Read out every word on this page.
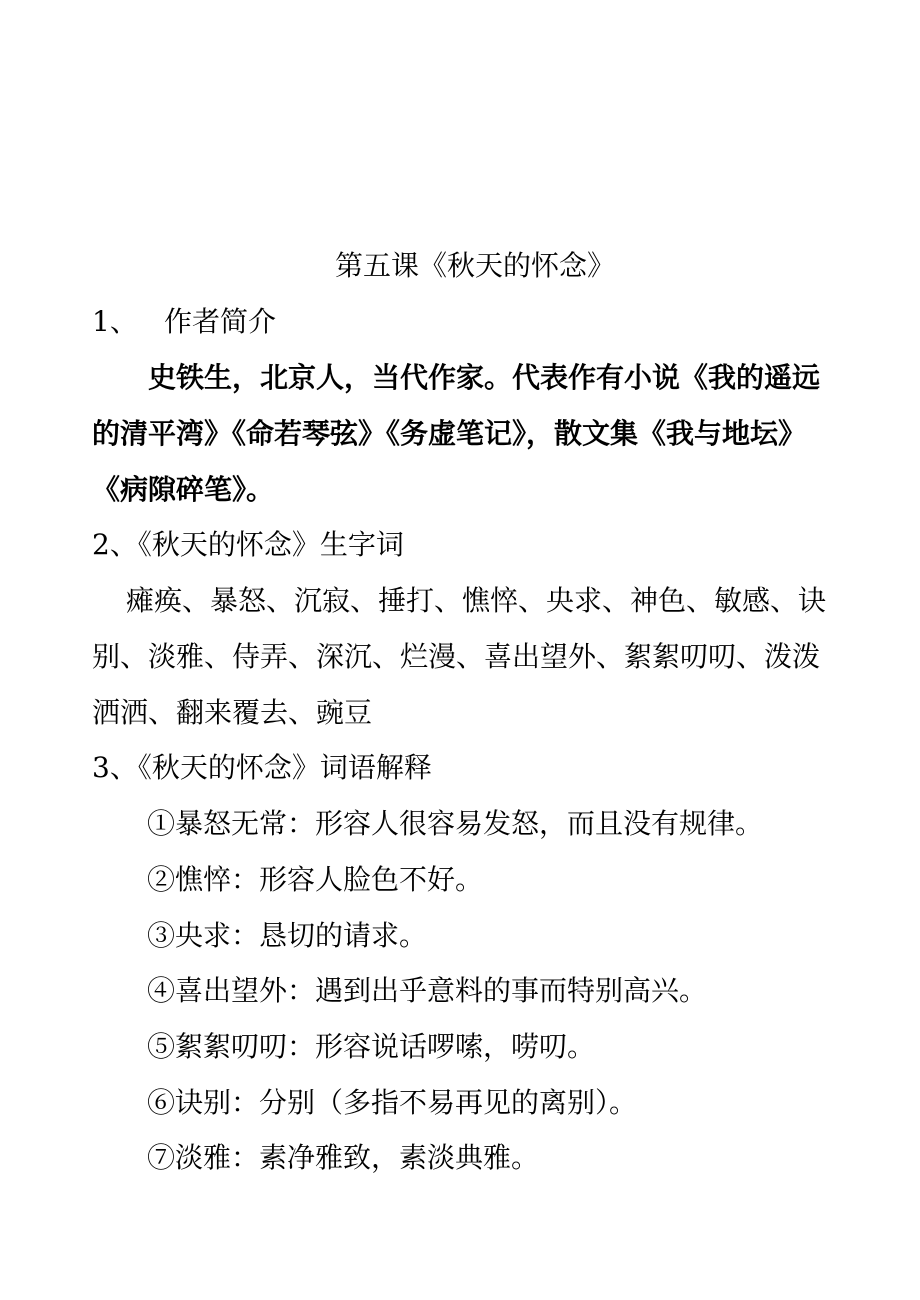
第五课《秋天的怀念》
1、 作者简介
史铁生，北京人，当代作家。代表作有小说《我的遥远
的清平湾》《命若琴弦》《务虚笔记》，散文集《我与地坛》
《病隙碎笔》。
2、《秋天的怀念》生字词
瘫痪、暴怒、沉寂、捶打、憔悴、央求、神色、敏感、诀
别、淡雅、侍弄、深沉、烂漫、喜出望外、絮絮叨叨、泼泼
洒洒、翻来覆去、豌豆
3、《秋天的怀念》词语解释
①暴怒无常：形容人很容易发怒，而且没有规律。
②憔悴：形容人脸色不好。
③央求：恳切的请求。
④喜出望外：遇到出乎意料的事而特别高兴。
⑤絮絮叨叨：形容说话啰嗦，唠叨。
⑥诀别：分别（多指不易再见的离别）。
⑦淡雅：素净雅致，素淡典雅。
